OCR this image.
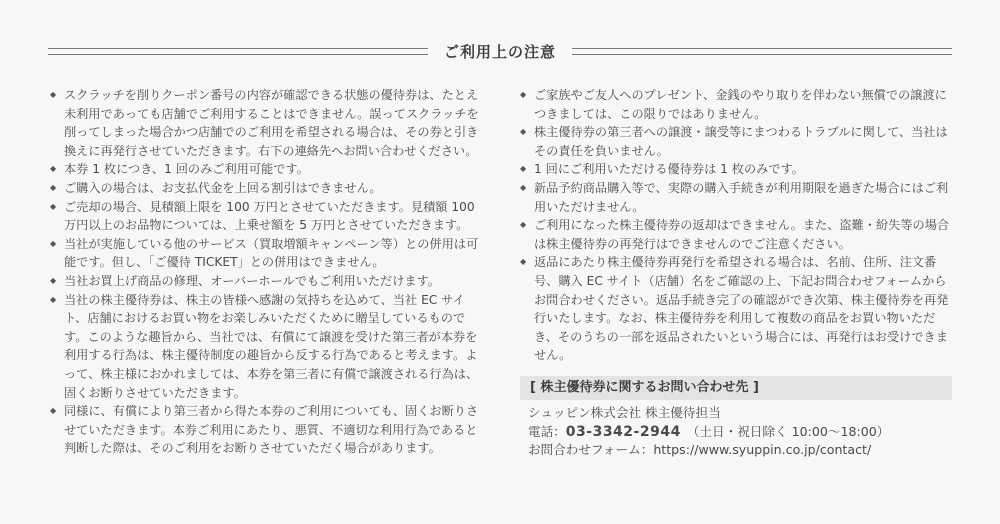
ご利用上の注意
◆ スクラッチを削りクーポン番号の内容が確認できる状態の優待券は、たとえ未利用であっても店舗でご利用することはできません。誤ってスクラッチを削ってしまった場合かつ店舗でのご利用を希望される場合は、その券と引き換えに再発行させていただきます。右下の連絡先へお問い合わせください。
◆ 本券 1 枚につき、1 回のみご利用可能です。
◆ ご購入の場合は、お支払代金を上回る割引はできません。
◆ ご売却の場合、見積額上限を 100 万円とさせていただきます。見積額 100 万円以上のお品物については、上乗せ額を 5 万円とさせていただきます。
◆ 当社が実施している他のサービス（買取増額キャンペーン等）との併用は可能です。但し、「ご優待 TICKET」との併用はできません。
◆ 当社お買上げ商品の修理、オーバーホールでもご利用いただけます。
◆ 当社の株主優待券は、株主の皆様へ感謝の気持ちを込めて、当社 EC サイト、店舗におけるお買い物をお楽しみいただくために贈呈しているものです。このような趣旨から、当社では、有償にて譲渡を受けた第三者が本券を利用する行為は、株主優待制度の趣旨から反する行為であると考えます。よって、株主様におかれましては、本券を第三者に有償で譲渡される行為は、固くお断りさせていただきます。
◆ 同様に、有償により第三者から得た本券のご利用についても、固くお断りさせていただきます。本券ご利用にあたり、悪質、不適切な利用行為であると判断した際は、そのご利用をお断りさせていただく場合があります。
◆ ご家族やご友人へのプレゼント、金銭のやり取りを伴わない無償での譲渡につきましては、この限りではありません。
◆ 株主優待券の第三者への譲渡・譲受等にまつわるトラブルに関して、当社はその責任を負いません。
◆ 1 回にご利用いただける優待券は 1 枚のみです。
◆ 新品予約商品購入等で、実際の購入手続きが利用期限を過ぎた場合にはご利用いただけません。
◆ ご利用になった株主優待券の返却はできません。また、盗難・紛失等の場合は株主優待券の再発行はできませんのでご注意ください。
◆ 返品にあたり株主優待券再発行を希望される場合は、名前、住所、注文番号、購入 EC サイト（店舗）名をご確認の上、下記お問合わせフォームからお問合わせください。返品手続き完了の確認ができ次第、株主優待券を再発行いたします。なお、株主優待券を利用して複数の商品をお買い物いただき、そのうちの一部を返品されたいという場合には、再発行はお受けできません。
[ 株主優待券に関するお問い合わせ先 ]
シュッピン株式会社 株主優待担当
電話： 03-3342-2944 （土日・祝日除く 10:00〜18:00）
お問合わせフォーム：https://www.syuppin.co.jp/contact/
